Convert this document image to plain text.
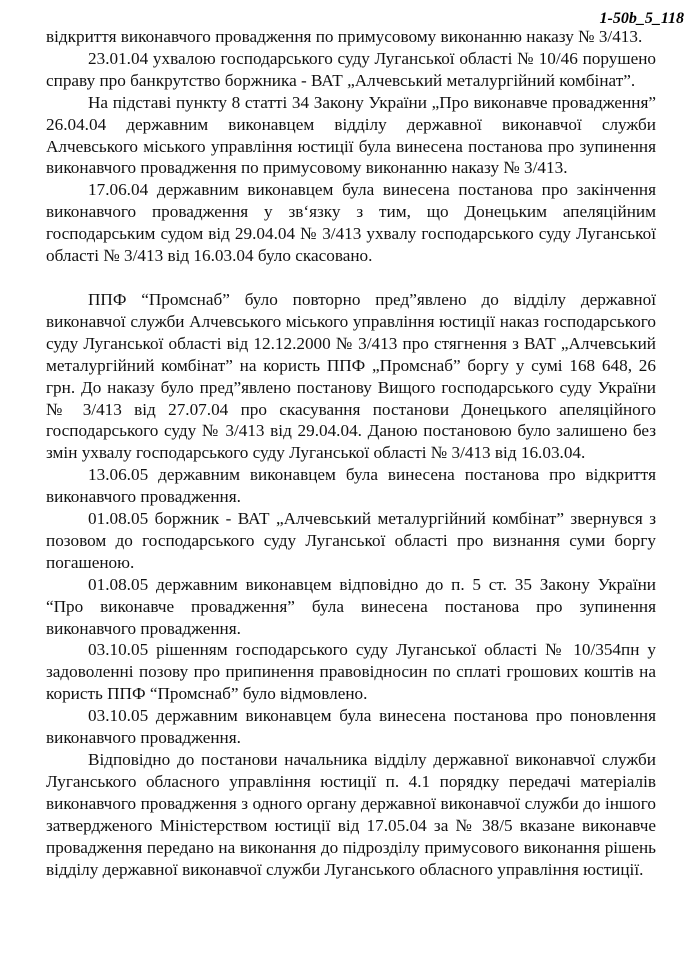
1-50b_5_118

відкриття виконавчого провадження по примусовому виконанню наказу № 3/413.

23.01.04 ухвалою господарського суду Луганської області № 10/46 порушено справу про банкрутство боржника - ВАТ „Алчевський металургійний комбінат”.

На підставі пункту 8 статті 34 Закону України „Про виконавче провадження” 26.04.04 державним виконавцем відділу державної виконавчої служби Алчевського міського управління юстиції була винесена постанова про зупинення виконавчого провадження по примусовому виконанню наказу № 3/413.

17.06.04 державним виконавцем була винесена постанова про закінчення виконавчого провадження у зв‘язку з тим, що Донецьким апеляційним господарським судом від 29.04.04 № 3/413 ухвалу господарського суду Луганської області № 3/413 від 16.03.04 було скасовано.

ППФ “Промснаб” було повторно пред”явлено до відділу державної виконавчої служби Алчевського міського управління юстиції наказ господарського суду Луганської області від 12.12.2000 № 3/413 про стягнення з ВАТ „Алчевський металургійний комбінат” на користь ППФ „Промснаб” боргу у сумі 168 648, 26 грн. До наказу було пред”явлено постанову Вищого господарського суду України № 3/413 від 27.07.04 про скасування постанови Донецького апеляційного господарського суду № 3/413 від 29.04.04. Даною постановою було залишено без змін ухвалу господарського суду Луганської області № 3/413 від 16.03.04.

13.06.05 державним виконавцем була винесена постанова про відкриття виконавчого провадження.

01.08.05 боржник - ВАТ „Алчевський металургійний комбінат” звернувся з позовом до господарського суду Луганської області про визнання суми боргу погашеною.

01.08.05 державним виконавцем відповідно до п. 5 ст. 35 Закону України “Про виконавче провадження” була винесена постанова про зупинення виконавчого провадження.

03.10.05 рішенням господарського суду Луганської області № 10/354пн у задоволенні позову про припинення правовідносин по сплаті грошових коштів на користь ППФ “Промснаб” було відмовлено.

03.10.05 державним виконавцем була винесена постанова про поновлення виконавчого провадження.

Відповідно до постанови начальника відділу державної виконавчої служби Луганського обласного управління юстиції п. 4.1 порядку передачі матеріалів виконавчого провадження з одного органу державної виконавчої служби до іншого затвердженого Міністерством юстиції від 17.05.04 за № 38/5 вказане виконавче провадження передано на виконання до підрозділу примусового виконання рішень відділу державної виконавчої служби Луганського обласного управління юстиції.
